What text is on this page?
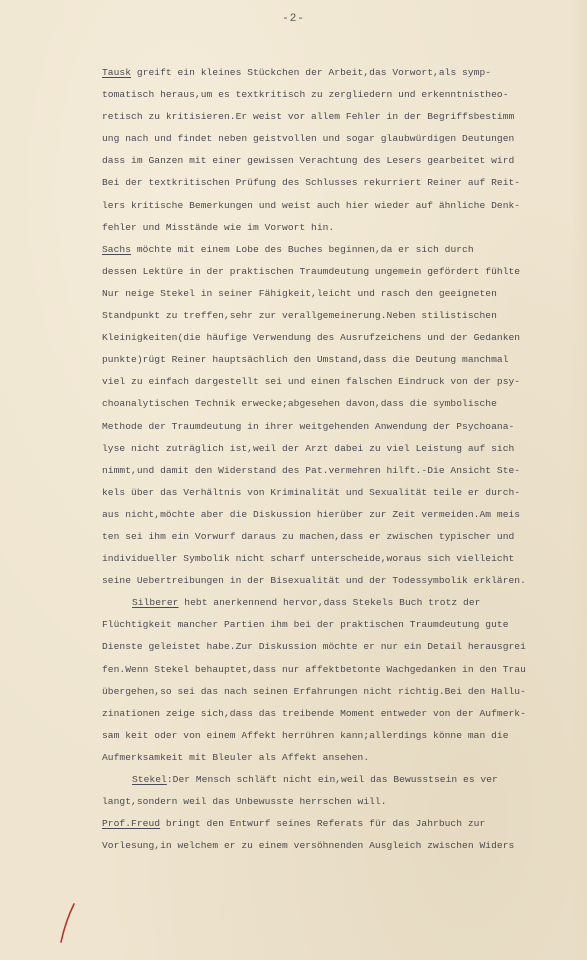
-2-
Tausk greift ein kleines Stückchen der Arbeit,das Vorwort,als symp-
tomatisch heraus,um es textkritisch zu zergliedern und erkenntnistheo-
retisch zu kritisieren.Er weist vor allem Fehler in der Begriffsbestimm
ung nach und findet neben geistvollen und sogar glaubwürdigen Deutungen
dass im Ganzen mit einer gewissen Verachtung des Lesers gearbeitet wird
Bei der textkritischen Prüfung des Schlusses rekurriert Reiner auf Reit-
lers kritische Bemerkungen und weist auch hier wieder auf ähnliche Denk-
fehler und Misstände wie im Vorwort hin.
Sachs möchte mit einem Lobe des Buches beginnen,da er sich durch
dessen Lektüre in der praktischen Traumdeutung ungemein gefördert fühlte
Nur neige Stekel in seiner Fähigkeit,leicht und rasch den geeigneten
Standpunkt zu treffen,sehr zur verallgemeinerung.Neben stilistischen
Kleinigkeiten(die häufige Verwendung des Ausrufzeichens und der Gedanken
punkte)rügt Reiner hauptsächlich den Umstand,dass die Deutung manchmal
viel zu einfach dargestellt sei und einen falschen Eindruck von der psy-
choanalytischen Technik erwecke;abgesehen davon,dass die symbolische
Methode der Traumdeutung in ihrer weitgehenden Anwendung der Psychoana-
lyse nicht zuträglich ist,weil der Arzt dabei zu viel Leistung auf sich
nimmt,und damit den Widerstand des Pat.vermehren hilft.-Die Ansicht Ste-
kels über das Verhältnis von Kriminalität und Sexualität teile er durch-
aus nicht,möchte aber die Diskussion hierüber zur Zeit vermeiden.Am meis
ten sei ihm ein Vorwurf daraus zu machen,dass er zwischen typischer und
individueller Symbolik nicht scharf unterscheide,woraus sich vielleicht
seine Uebertreibungen in der Bisexualität und der Todessymbolik erklären.
Silberer hebt anerkennend hervor,dass Stekels Buch trotz der
Flüchtigkeit mancher Partien ihm bei der praktischen Traumdeutung gute
Dienste geleistet habe.Zur Diskussion möchte er nur ein Detail herausgrei
fen.Wenn Stekel behauptet,dass nur affektbetonte Wachgedanken in den Trau
übergehen,so sei das nach seinen Erfahrungen nicht richtig.Bei den Hallu-
zinationen zeige sich,dass das treibende Moment entweder von der Aufmerk-
sam keit oder von einem Affekt herrühren kann;allerdings könne man die
Aufmerksamkeit mit Bleuler als Affekt ansehen.
Stekel:Der Mensch schläft nicht ein,weil das Bewusstsein es ver
langt,sondern weil das Unbewusste herrschen will.
Prof.Freud bringt den Entwurf seines Referats für das Jahrbuch zur
Vorlesung,in welchem er zu einem versöhnenden Ausgleich zwischen Widers
